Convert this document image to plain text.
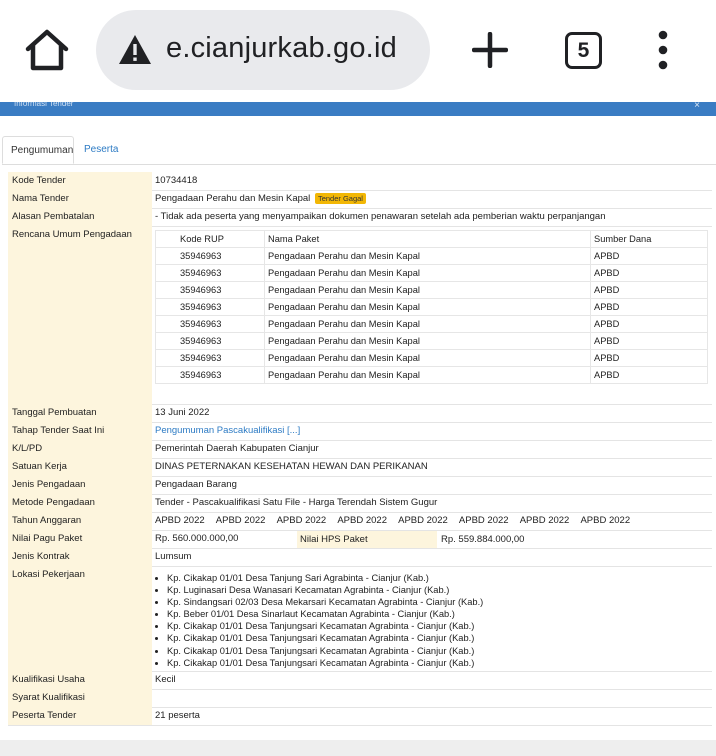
e.cianjurkab.go.id	5
Informasi Tender	×
Pengumuman	Peserta
Kode Tender	10734418
Nama Tender	Pengadaan Perahu dan Mesin Kapal Tender Gagal
Alasan Pembatalan	- Tidak ada peserta yang menyampaikan dokumen penawaran setelah ada pemberian waktu perpanjangan
Rencana Umum Pengadaan	Kode RUP	Nama Paket	Sumber Dana
35946963	Pengadaan Perahu dan Mesin Kapal	APBD
35946963	Pengadaan Perahu dan Mesin Kapal	APBD
35946963	Pengadaan Perahu dan Mesin Kapal	APBD
35946963	Pengadaan Perahu dan Mesin Kapal	APBD
35946963	Pengadaan Perahu dan Mesin Kapal	APBD
35946963	Pengadaan Perahu dan Mesin Kapal	APBD
35946963	Pengadaan Perahu dan Mesin Kapal	APBD
35946963	Pengadaan Perahu dan Mesin Kapal	APBD
Tanggal Pembuatan	13 Juni 2022
Tahap Tender Saat Ini	Pengumuman Pascakualifikasi [...]
K/L/PD	Pemerintah Daerah Kabupaten Cianjur
Satuan Kerja	DINAS PETERNAKAN KESEHATAN HEWAN DAN PERIKANAN
Jenis Pengadaan	Pengadaan Barang
Metode Pengadaan	Tender - Pascakualifikasi Satu File - Harga Terendah Sistem Gugur
Tahun Anggaran	APBD 2022 APBD 2022 APBD 2022 APBD 2022 APBD 2022 APBD 2022 APBD 2022 APBD 2022
Nilai Pagu Paket	Rp. 560.000.000,00	Nilai HPS Paket	Rp. 559.884.000,00
Jenis Kontrak	Lumsum
Lokasi Pekerjaan	• Kp. Cikakap 01/01 Desa Tanjung Sari Agrabinta - Cianjur (Kab.)
• Kp. Luginasari Desa Wanasari Kecamatan Agrabinta - Cianjur (Kab.)
• Kp. Sindangsari 02/03 Desa Mekarsari Kecamatan Agrabinta - Cianjur (Kab.)
• Kp. Beber 01/01 Desa Sinarlaut Kecamatan Agrabinta - Cianjur (Kab.)
• Kp. Cikakap 01/01 Desa Tanjungsari Kecamatan Agrabinta - Cianjur (Kab.)
• Kp. Cikakap 01/01 Desa Tanjungsari Kecamatan Agrabinta - Cianjur (Kab.)
• Kp. Cikakap 01/01 Desa Tanjungsari Kecamatan Agrabinta - Cianjur (Kab.)
• Kp. Cikakap 01/01 Desa Tanjungsari Kecamatan Agrabinta - Cianjur (Kab.)
Kualifikasi Usaha	Kecil
Syarat Kualifikasi
Peserta Tender	21 peserta
